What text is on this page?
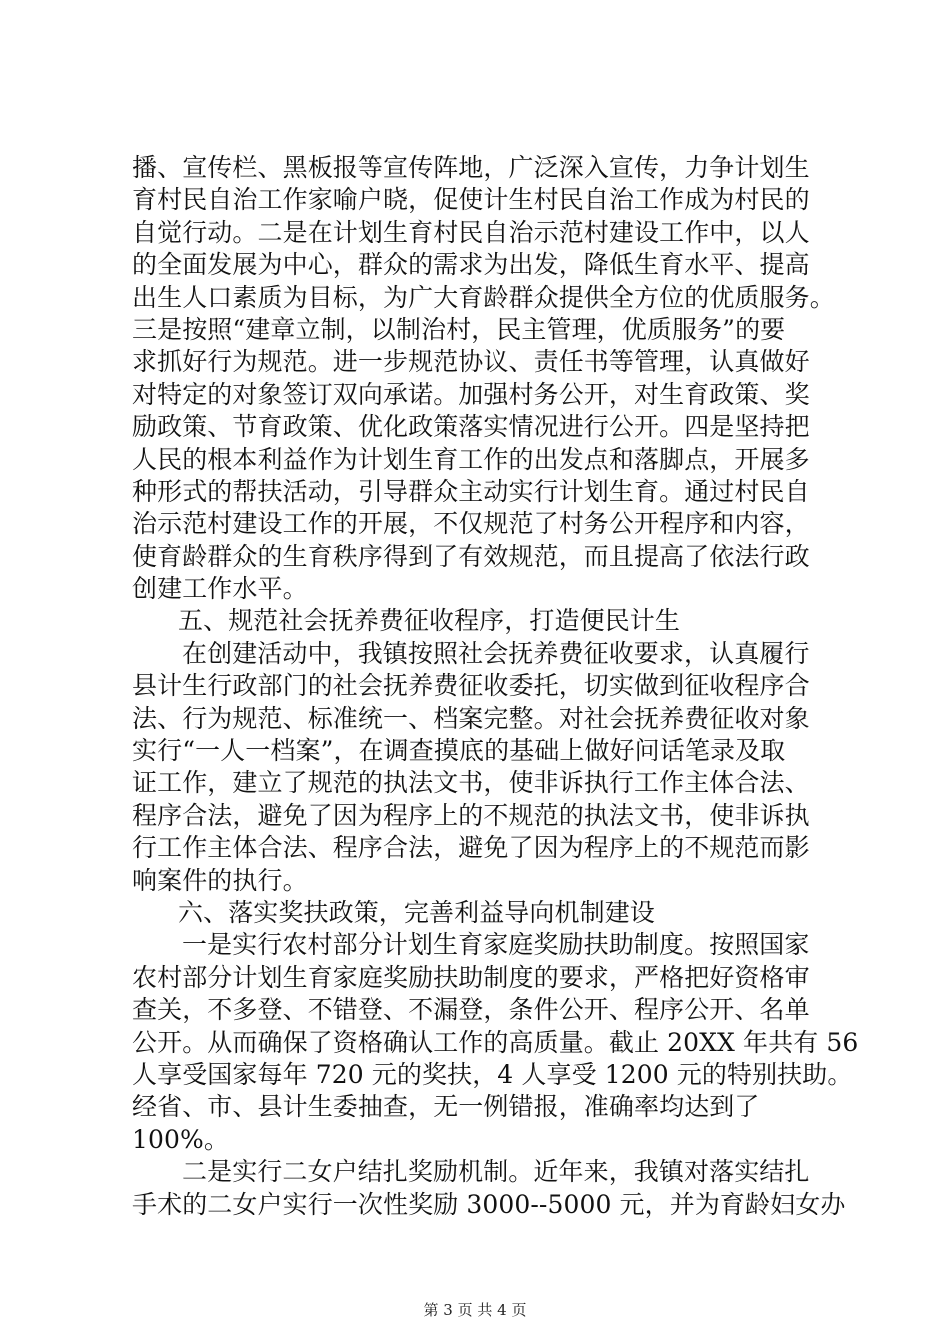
播、宣传栏、黑板报等宣传阵地，广泛深入宣传，力争计划生
育村民自治工作家喻户晓，促使计生村民自治工作成为村民的
自觉行动。二是在计划生育村民自治示范村建设工作中，以人
的全面发展为中心，群众的需求为出发，降低生育水平、提高
出生人口素质为目标，为广大育龄群众提供全方位的优质服务。
三是按照“建章立制，以制治村，民主管理，优质服务”的要
求抓好行为规范。进一步规范协议、责任书等管理，认真做好
对特定的对象签订双向承诺。加强村务公开，对生育政策、奖
励政策、节育政策、优化政策落实情况进行公开。四是坚持把
人民的根本利益作为计划生育工作的出发点和落脚点，开展多
种形式的帮扶活动，引导群众主动实行计划生育。通过村民自
治示范村建设工作的开展，不仅规范了村务公开程序和内容，
使育龄群众的生育秩序得到了有效规范，而且提高了依法行政
创建工作水平。
五、规范社会抚养费征收程序，打造便民计生
在创建活动中，我镇按照社会抚养费征收要求，认真履行
县计生行政部门的社会抚养费征收委托，切实做到征收程序合
法、行为规范、标准统一、档案完整。对社会抚养费征收对象
实行“一人一档案”，在调查摸底的基础上做好问话笔录及取
证工作，建立了规范的执法文书，使非诉执行工作主体合法、
程序合法，避免了因为程序上的不规范的执法文书，使非诉执
行工作主体合法、程序合法，避免了因为程序上的不规范而影
响案件的执行。
六、落实奖扶政策，完善利益导向机制建设
一是实行农村部分计划生育家庭奖励扶助制度。按照国家
农村部分计划生育家庭奖励扶助制度的要求，严格把好资格审
查关，不多登、不错登、不漏登，条件公开、程序公开、名单
公开。从而确保了资格确认工作的高质量。截止 20XX 年共有 56
人享受国家每年 720 元的奖扶，4 人享受 1200 元的特别扶助。
经省、市、县计生委抽查，无一例错报，准确率均达到了
100%。
二是实行二女户结扎奖励机制。近年来，我镇对落实结扎
手术的二女户实行一次性奖励 3000--5000 元，并为育龄妇女办
第 3 页 共 4 页
